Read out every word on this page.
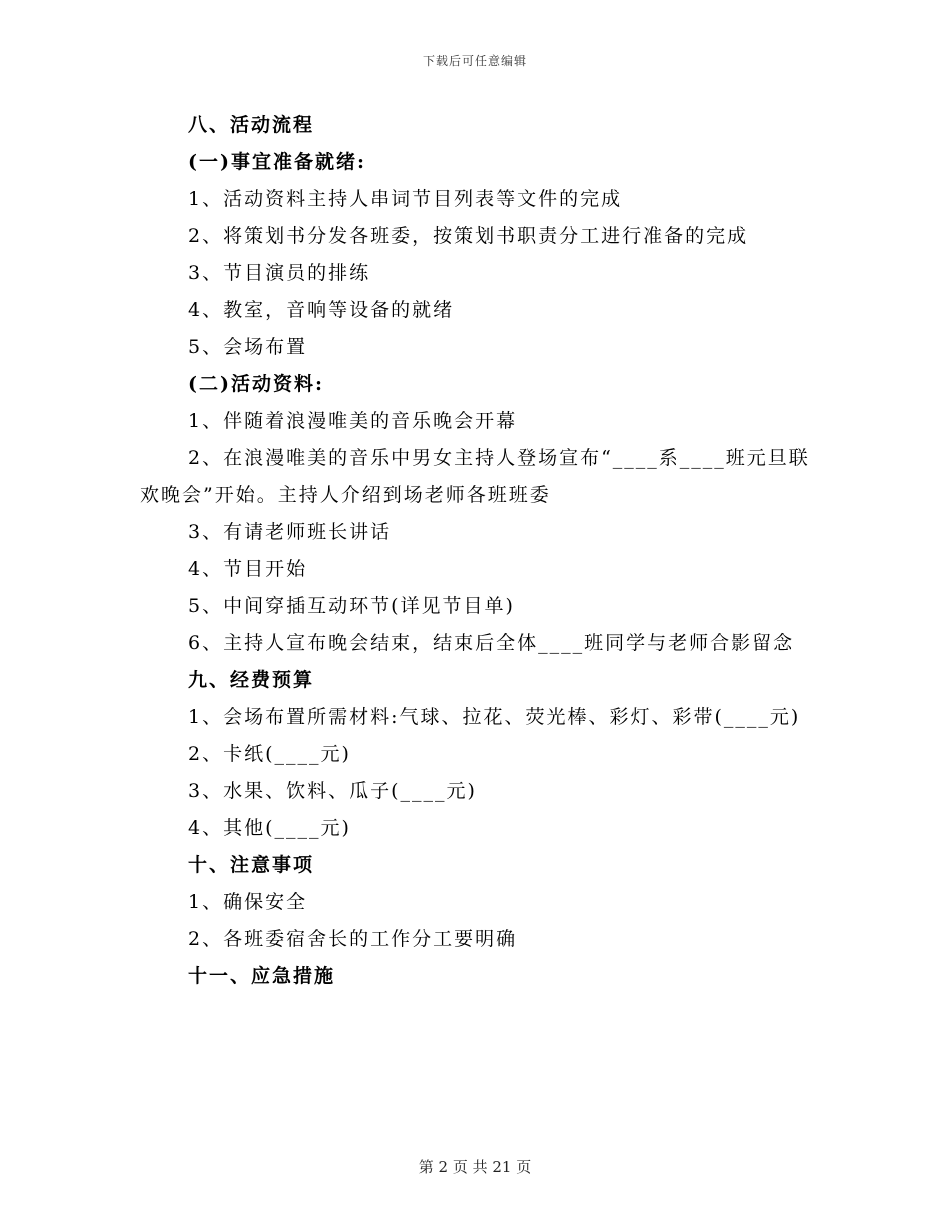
下载后可任意编辑
八、活动流程
(一)事宜准备就绪:
1、活动资料主持人串词节目列表等文件的完成
2、将策划书分发各班委，按策划书职责分工进行准备的完成
3、节目演员的排练
4、教室，音响等设备的就绪
5、会场布置
(二)活动资料:
1、伴随着浪漫唯美的音乐晚会开幕
2、在浪漫唯美的音乐中男女主持人登场宣布“____系____班元旦联欢晚会”开始。主持人介绍到场老师各班班委
3、有请老师班长讲话
4、节目开始
5、中间穿插互动环节(详见节目单)
6、主持人宣布晚会结束，结束后全体____班同学与老师合影留念
九、经费预算
1、会场布置所需材料:气球、拉花、荧光棒、彩灯、彩带(____元)
2、卡纸(____元)
3、水果、饮料、瓜子(____元)
4、其他(____元)
十、注意事项
1、确保安全
2、各班委宿舍长的工作分工要明确
十一、应急措施
第 2 页 共 21 页
